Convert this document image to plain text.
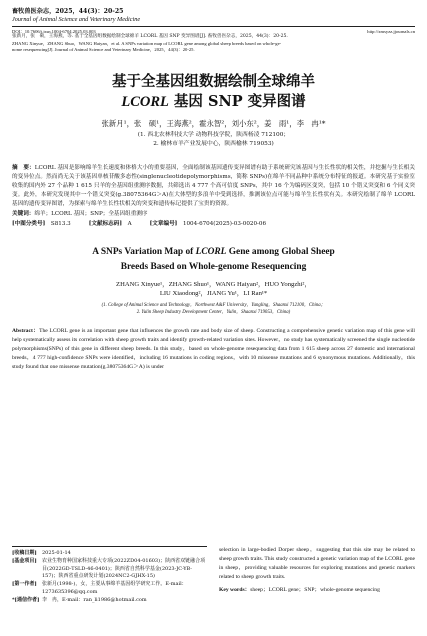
畜牧兽医杂志，2025，44(3)：20-25
Journal of Animal Science and Veterinary Medicine
DOI：10.7606/j.issn.1004-6704.2025.03.003	http://xmsyzz.jjournals.cn
张新月，张　硕，王海燕，等. 基于全基因组数据绘制全球绵羊 LCORL 基因 SNP 变异图谱[J]. 畜牧兽医杂志，2025，44(3)：20-25.
ZHANG Xinyue，ZHANG Shuo，WANG Haiyan，et al. A SNPs variation map of LCORL gene among global sheep breeds based on whole-ge-
nome resequencing[J]. Journal of Animal Science and Veterinary Medicine，2025，44(3)：20-25.
基于全基因组数据绘制全球绵羊
LCORL 基因 SNP 变异图谱
张新月¹，张　硕¹，王海燕²，霍永智²，刘小东²，姜　雨¹，李　冉¹*
(1. 西北农林科技大学 动物科技学院，陕西杨凌 712100；
2. 榆林市羊产业发展中心，陕西榆林 719053)
摘　要：LCORL 基因是影响绵羊生长速度和体格大小的重要基因，全面绘制该基因遗传变异图谱有助于系统研究该基因与生长性状的相关性，并挖掘与生长相关的变异位点。然而尚无关于该基因单核苷酸多态性(singlenucleotidepolymorphisms，简称 SNPs)在绵羊不同品种中系统分布特征的报道。本研究基于实验室收集的国内外 27 个品种 1 615 只羊的全基因组重测序数据，共筛选出 4 777 个高可信度 SNPs，其中 16 个为编码区变突，包括 10 个错义突变和 6 个同义突变。此外，本研究发现其中一个错义突变(g.38075364G＞A)在大体型的多浪羊中受到选择，推测该位点可能与绵羊生长性状有关。本研究绘制了绵羊 LCORL 基因的遗传变异图谱，为探索与绵羊生长性状相关的突变和遗传标记提供了宝贵的资源。
关键词：绵羊；LCORL 基因；SNP；全基因组重测序
[中图分类号]　 S813.3	[文献标志码]　 A	[文章编号]　 1004-6704(2025)-03-0020-06
A SNPs Variation Map of LCORL Gene among Global Sheep
Breeds Based on Whole-genome Resequencing
ZHANG Xinyue¹，ZHANG Shuo¹，WANG Haiyan²，HUO Yongzhi²，
LIU Xiaodong²，JIANG Yu¹，LI Ran¹*
(1. College of Animal Science and Technology，Northwest A&F University，Yangling，Shaanxi 712100，China；
2. Yulin Sheep Industry Development Center，Yulin，Shaanxi 719053，China)
Abstract：The LCORL gene is an important gene that influences the growth rate and body size of sheep. Constructing a comprehensive genetic variation map of this gene will help systematically assess its correlation with sheep growth traits and identify growth-related variation sites. However，no study has systematically screened the single nucleotide polymorphisms(SNPs) of this gene in different sheep breeds. In this study，based on whole-genome resequencing data from 1 615 sheep across 27 domestic and international breeds，4 777 high-confidence SNPs were identified，including 16 mutations in coding regions，with 10 missense mutations and 6 synonymous mutations. Additionally，this study found that one missense mutation(g.38075364G＞A) is under
[收稿日期]	2025-01-14
[基金项目]	农业生物育种国家科技重大专项(2022ZD04-01603)；陕西省双链融合项目(2022GD-TSLD-46-0401)；陕西省自然科学基金(2023-JC-YB-157)；陕西省重点研发计划(2024NC2-GJHX-15)
[第一作者]	张新月(1998-)，女，主要从事绵羊基因组学研究工作。E-mail：1273635396@qq.com
*[通信作者] 李　冉，E-mail：ran_li1986@hotmail.com
selection in large-bodied Dorper sheep，suggesting that this site may be related to sheep growth traits. This study constructed a genetic variation map of the LCORL gene in sheep，providing valuable resources for exploring mutations and genetic markers related to sheep growth traits.
Key words：sheep；LCORL gene；SNP；whole-genome sequencing
